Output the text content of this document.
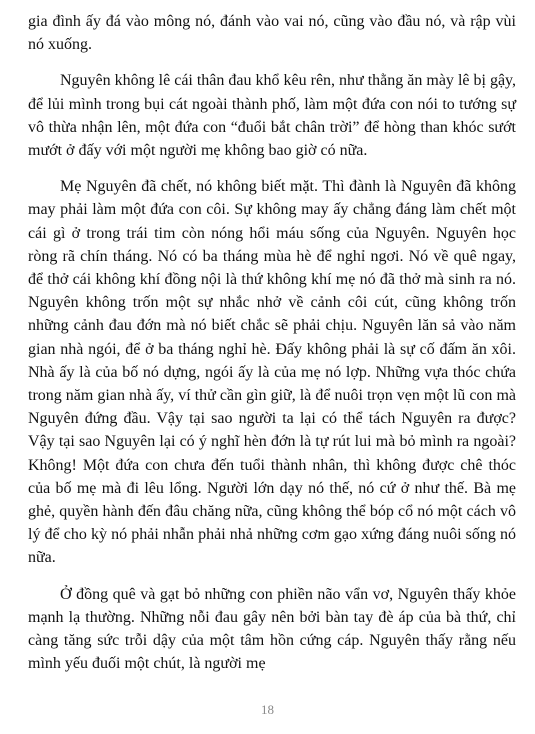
gia đình ấy đá vào mông nó, đánh vào vai nó, cũng vào đầu nó, và rập vùi nó xuống.

Nguyên không lê cái thân đau khổ kêu rên, như thằng ăn mày lê bị gậy, để lủi mình trong bụi cát ngoài thành phố, làm một đứa con nói to tướng sự vô thừa nhận lên, một đứa con “đuổi bắt chân trời” để hòng than khóc sướt mướt ở đấy với một người mẹ không bao giờ có nữa.

Mẹ Nguyên đã chết, nó không biết mặt. Thì đành là Nguyên đã không may phải làm một đứa con côi. Sự không may ấy chẳng đáng làm chết một cái gì ở trong trái tim còn nóng hổi máu sống của Nguyên. Nguyên học ròng rã chín tháng. Nó có ba tháng mùa hè để nghỉ ngơi. Nó về quê ngay, để thở cái không khí đồng nội là thứ không khí mẹ nó đã thở mà sinh ra nó. Nguyên không trốn một sự nhắc nhở về cảnh côi cút, cũng không trốn những cảnh đau đớn mà nó biết chắc sẽ phải chịu. Nguyên lăn sả vào năm gian nhà ngói, để ở ba tháng nghỉ hè. Đấy không phải là sự cố đấm ăn xôi. Nhà ấy là của bố nó dựng, ngói ấy là của mẹ nó lợp. Những vựa thóc chứa trong năm gian nhà ấy, ví thử cần gìn giữ, là để nuôi trọn vẹn một lũ con mà Nguyên đứng đầu. Vậy tại sao người ta lại có thể tách Nguyên ra được? Vậy tại sao Nguyên lại có ý nghĩ hèn đớn là tự rút lui mà bỏ mình ra ngoài? Không! Một đứa con chưa đến tuổi thành nhân, thì không được chê thóc của bố mẹ mà đi lêu lổng. Người lớn dạy nó thế, nó cứ ở như thế. Bà mẹ ghẻ, quyền hành đến đâu chăng nữa, cũng không thể bóp cổ nó một cách vô lý để cho kỳ nó phải nhẫn phải nhả những cơm gạo xứng đáng nuôi sống nó nữa.

Ở đồng quê và gạt bỏ những con phiền não vẩn vơ, Nguyên thấy khỏe mạnh lạ thường. Những nỗi đau gây nên bởi bàn tay đè áp của bà thứ, chỉ càng tăng sức trỗi dậy của một tâm hồn cứng cáp. Nguyên thấy rằng nếu mình yếu đuối một chút, là người mẹ

18
